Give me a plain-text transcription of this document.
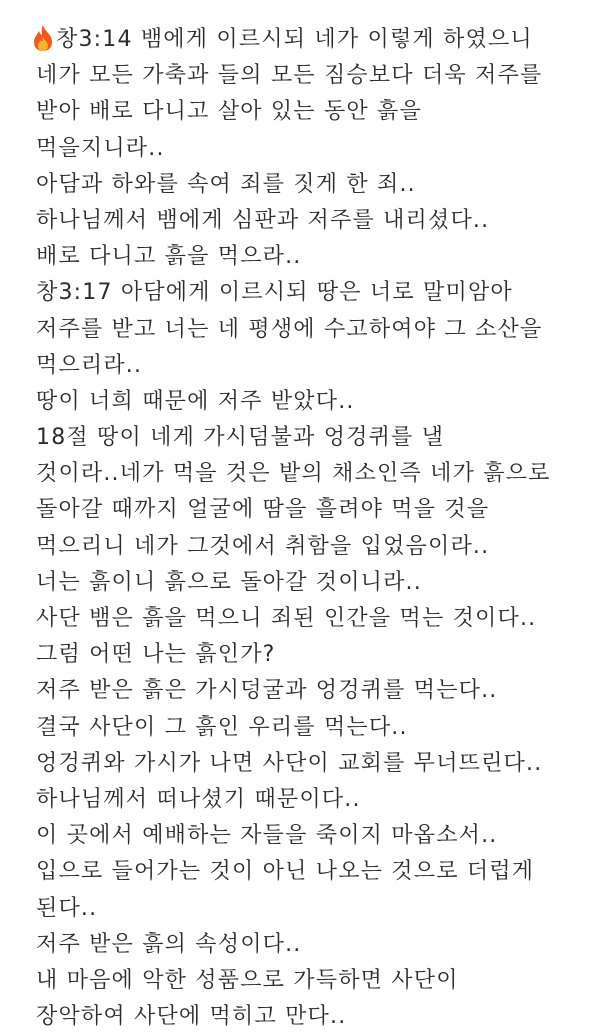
창3:14 뱀에게 이르시되 네가 이렇게 하였으니
네가 모든 가축과 들의 모든 짐승보다 더욱 저주를
받아 배로 다니고 살아 있는 동안 흙을
먹을지니라..
아담과 하와를 속여 죄를 짓게 한 죄..
하나님께서 뱀에게 심판과 저주를 내리셨다..
배로 다니고 흙을 먹으라..
창3:17 아담에게 이르시되 땅은 너로 말미암아
저주를 받고 너는 네 평생에 수고하여야 그 소산을
먹으리라..
땅이 너희 때문에 저주 받았다..
18절 땅이 네게 가시덤불과 엉겅퀴를 낼
것이라..네가 먹을 것은 밭의 채소인즉 네가 흙으로
돌아갈 때까지 얼굴에 땀을 흘려야 먹을 것을
먹으리니 네가 그것에서 취함을 입었음이라..
너는 흙이니 흙으로 돌아갈 것이니라..
사단 뱀은 흙을 먹으니 죄된 인간을 먹는 것이다..
그럼 어떤 나는 흙인가?
저주 받은 흙은 가시덩굴과 엉겅퀴를 먹는다..
결국 사단이 그 흙인 우리를 먹는다..
엉겅퀴와 가시가 나면 사단이 교회를 무너뜨린다..
하나님께서 떠나셨기 때문이다..
이 곳에서 예배하는 자들을 죽이지 마옵소서..
입으로 들어가는 것이 아닌 나오는 것으로 더럽게
된다..
저주 받은 흙의 속성이다..
내 마음에 악한 성품으로 가득하면 사단이
장악하여 사단에 먹히고 만다..
